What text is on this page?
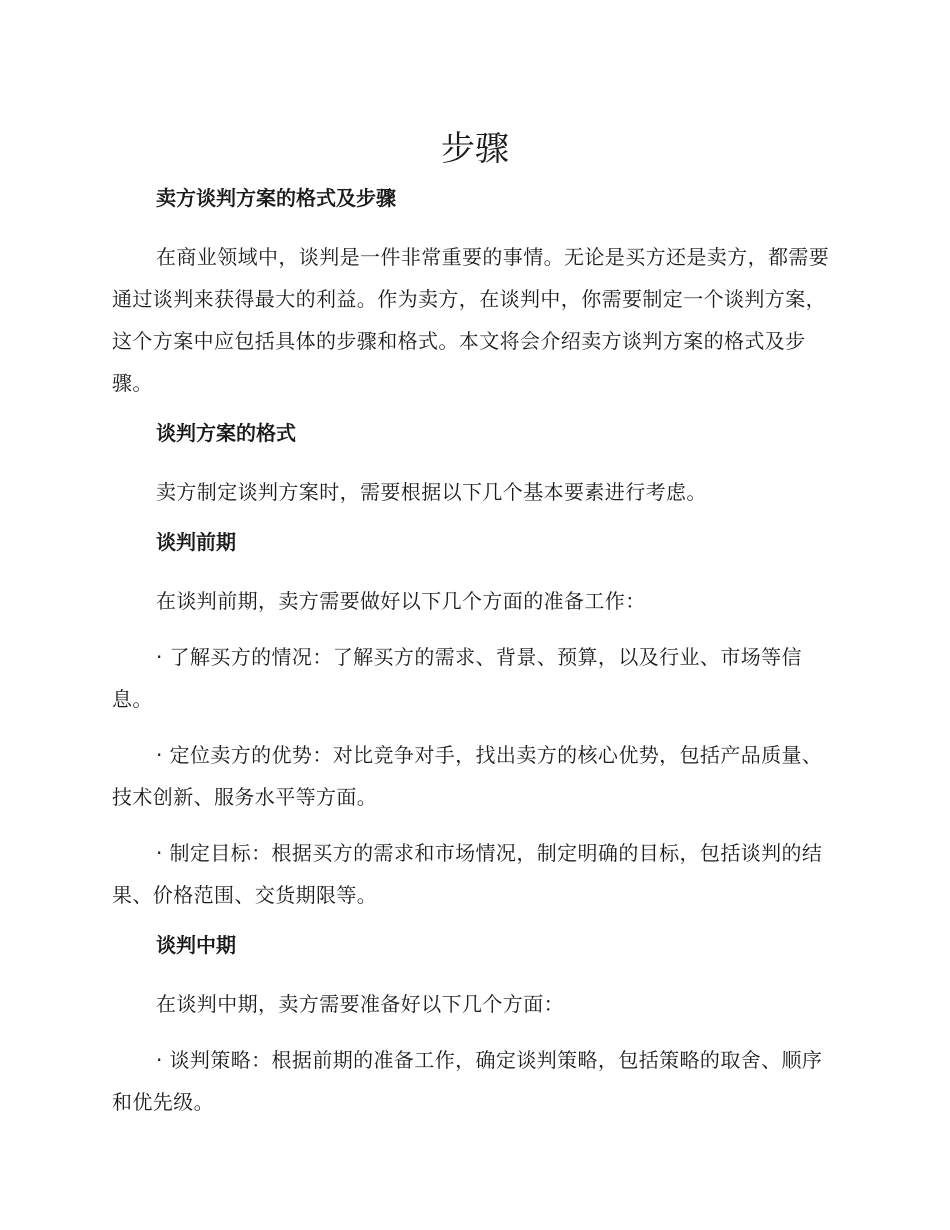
步骤

卖方谈判方案的格式及步骤

在商业领域中，谈判是一件非常重要的事情。无论是买方还是卖方，都需要通过谈判来获得最大的利益。作为卖方，在谈判中，你需要制定一个谈判方案，这个方案中应包括具体的步骤和格式。本文将会介绍卖方谈判方案的格式及步骤。

谈判方案的格式

卖方制定谈判方案时，需要根据以下几个基本要素进行考虑。

谈判前期

在谈判前期，卖方需要做好以下几个方面的准备工作：

· 了解买方的情况：了解买方的需求、背景、预算，以及行业、市场等信息。

· 定位卖方的优势：对比竞争对手，找出卖方的核心优势，包括产品质量、技术创新、服务水平等方面。

· 制定目标：根据买方的需求和市场情况，制定明确的目标，包括谈判的结果、价格范围、交货期限等。

谈判中期

在谈判中期，卖方需要准备好以下几个方面：

· 谈判策略：根据前期的准备工作，确定谈判策略，包括策略的取舍、顺序和优先级。
